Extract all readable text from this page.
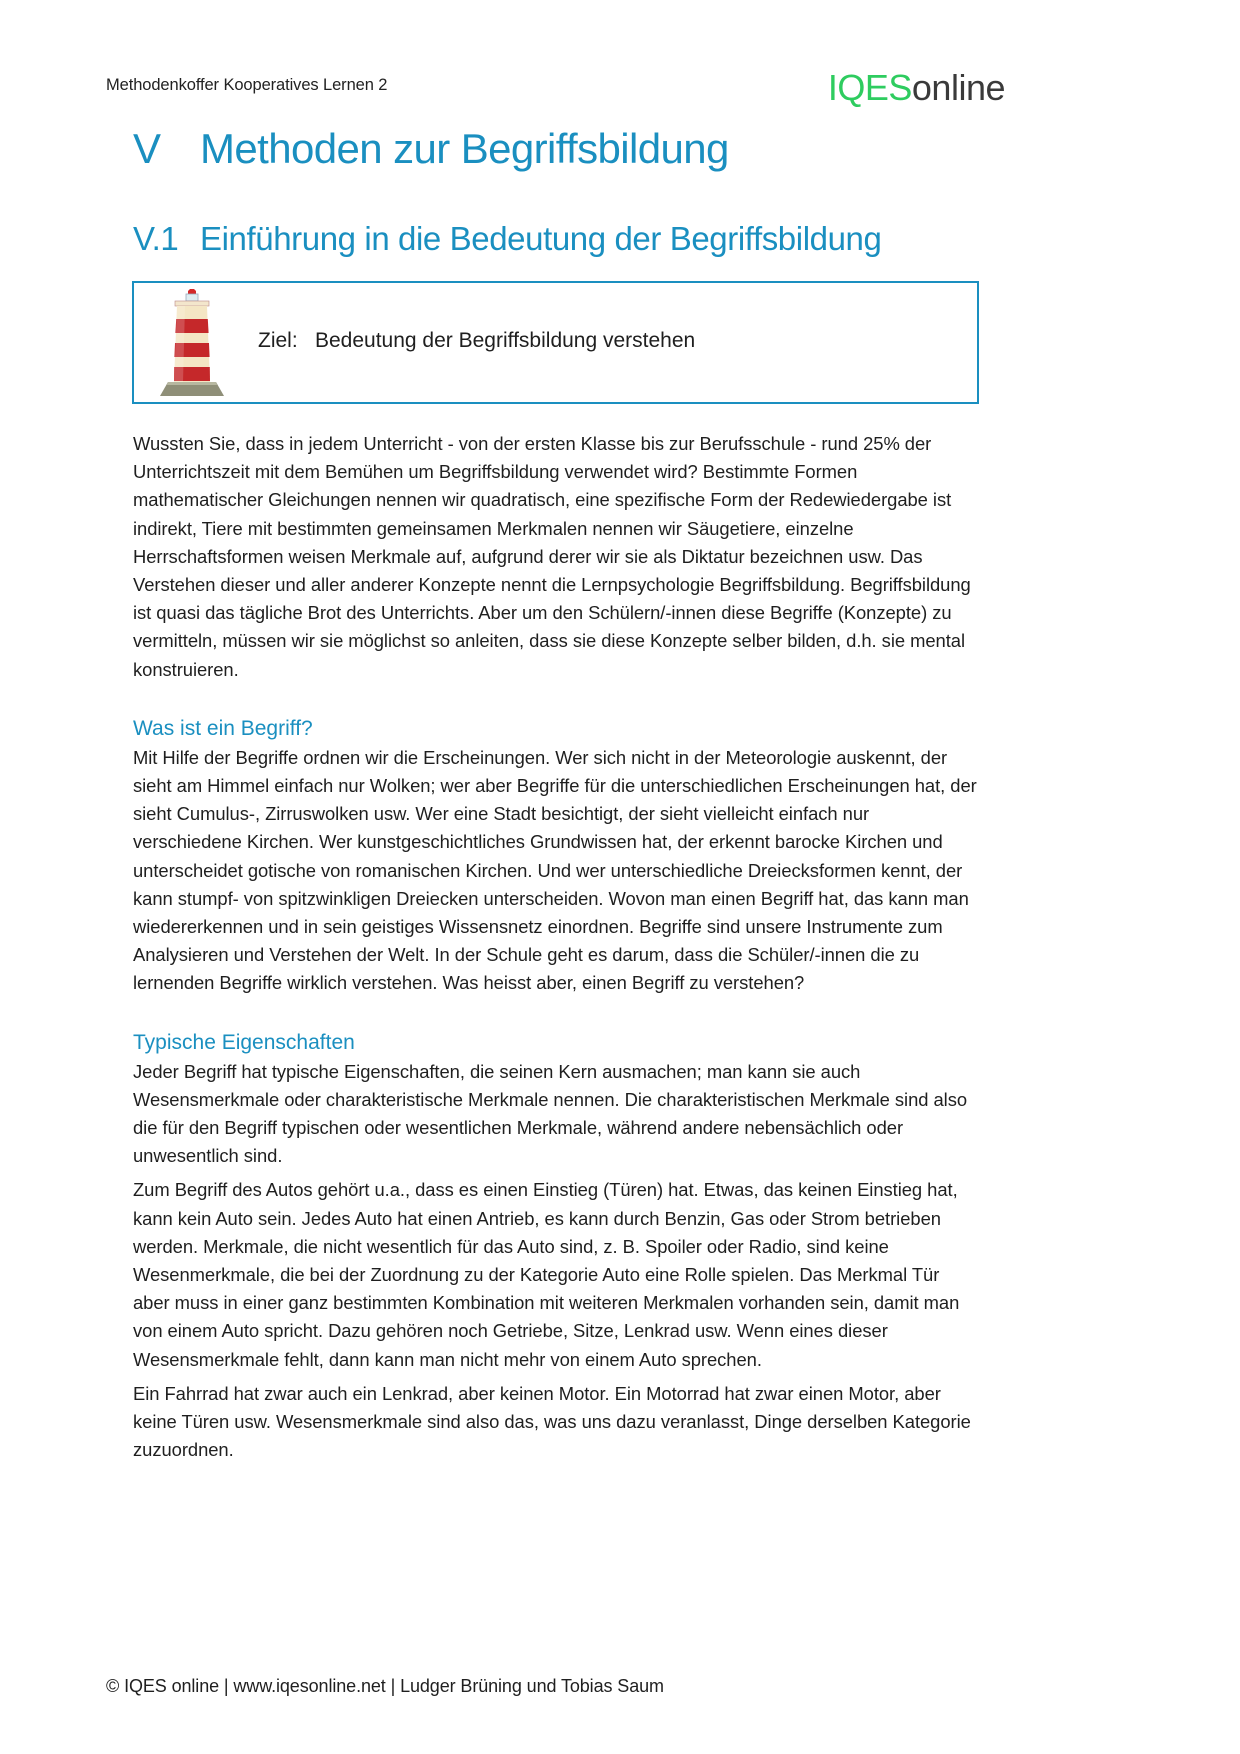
Methodenkoffer Kooperatives Lernen 2	IQESonline
V Methoden zur Begriffsbildung
V.1 Einführung in die Bedeutung der Begriffsbildung
Ziel: Bedeutung der Begriffsbildung verstehen

Wussten Sie, dass in jedem Unterricht - von der ersten Klasse bis zur Berufsschule - rund 25% der Unterrichtszeit mit dem Bemühen um Begriffsbildung verwendet wird? Bestimmte Formen mathematischer Gleichungen nennen wir quadratisch, eine spezifische Form der Redewiedergabe ist indirekt, Tiere mit bestimmten gemeinsamen Merkmalen nennen wir Säugetiere, einzelne Herrschaftsformen weisen Merkmale auf, aufgrund derer wir sie als Diktatur bezeichnen usw. Das Verstehen dieser und aller anderer Konzepte nennt die Lernpsychologie Begriffsbildung. Begriffsbildung ist quasi das tägliche Brot des Unterrichts. Aber um den Schülern/-innen diese Begriffe (Konzepte) zu vermitteln, müssen wir sie möglichst so anleiten, dass sie diese Konzepte selber bilden, d.h. sie mental konstruieren.

Was ist ein Begriff?

Mit Hilfe der Begriffe ordnen wir die Erscheinungen. Wer sich nicht in der Meteorologie auskennt, der sieht am Himmel einfach nur Wolken; wer aber Begriffe für die unterschiedlichen Erscheinungen hat, der sieht Cumulus-, Zirruswolken usw. Wer eine Stadt besichtigt, der sieht vielleicht einfach nur verschiedene Kirchen. Wer kunstgeschichtliches Grundwissen hat, der erkennt barocke Kirchen und unterscheidet gotische von romanischen Kirchen. Und wer unterschiedliche Dreiecksformen kennt, der kann stumpf- von spitzwinkligen Dreiecken unterscheiden. Wovon man einen Begriff hat, das kann man wiedererkennen und in sein geistiges Wissensnetz einordnen. Begriffe sind unsere Instrumente zum Analysieren und Verstehen der Welt. In der Schule geht es darum, dass die Schüler/-innen die zu lernenden Begriffe wirklich verstehen. Was heisst aber, einen Begriff zu verstehen?

Typische Eigenschaften

Jeder Begriff hat typische Eigenschaften, die seinen Kern ausmachen; man kann sie auch Wesensmerkmale oder charakteristische Merkmale nennen. Die charakteristischen Merkmale sind also die für den Begriff typischen oder wesentlichen Merkmale, während andere nebensächlich oder unwesentlich sind.

Zum Begriff des Autos gehört u.a., dass es einen Einstieg (Türen) hat. Etwas, das keinen Einstieg hat, kann kein Auto sein. Jedes Auto hat einen Antrieb, es kann durch Benzin, Gas oder Strom betrieben werden. Merkmale, die nicht wesentlich für das Auto sind, z. B. Spoiler oder Radio, sind keine Wesenmerkmale, die bei der Zuordnung zu der Kategorie Auto eine Rolle spielen. Das Merkmal Tür aber muss in einer ganz bestimmten Kombination mit weiteren Merkmalen vorhanden sein, damit man von einem Auto spricht. Dazu gehören noch Getriebe, Sitze, Lenkrad usw. Wenn eines dieser Wesensmerkmale fehlt, dann kann man nicht mehr von einem Auto sprechen.

Ein Fahrrad hat zwar auch ein Lenkrad, aber keinen Motor. Ein Motorrad hat zwar einen Motor, aber keine Türen usw. Wesensmerkmale sind also das, was uns dazu veranlasst, Dinge derselben Kategorie zuzuordnen.

© IQES online | www.iqesonline.net | Ludger Brüning und Tobias Saum
